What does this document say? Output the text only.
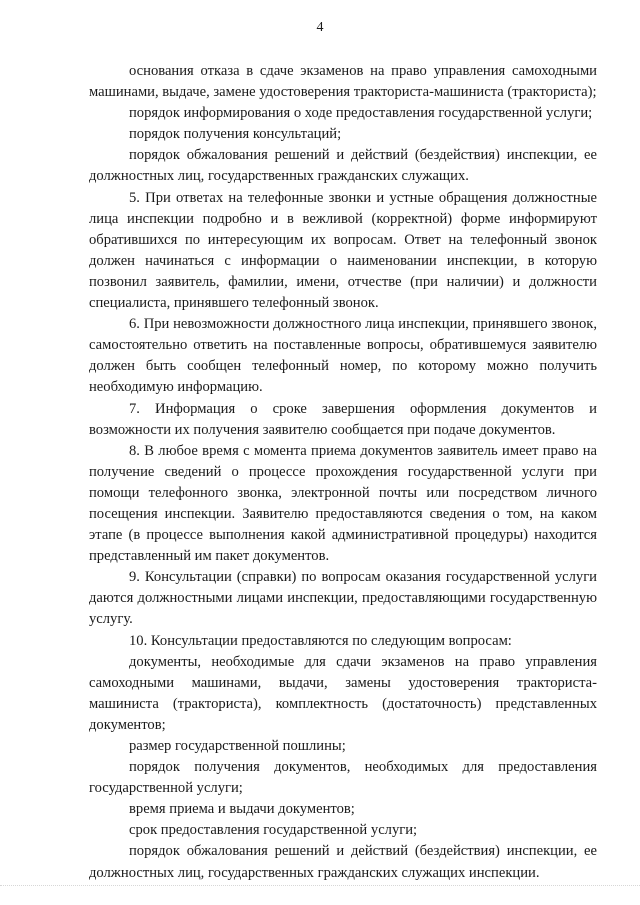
4

основания отказа в сдаче экзаменов на право управления самоходными машинами, выдаче, замене удостоверения тракториста-машиниста (тракториста);

порядок информирования о ходе предоставления государственной услуги;

порядок получения консультаций;

порядок обжалования решений и действий (бездействия) инспекции, ее должностных лиц, государственных гражданских служащих.

5. При ответах на телефонные звонки и устные обращения должностные лица инспекции подробно и в вежливой (корректной) форме информируют обратившихся по интересующим их вопросам. Ответ на телефонный звонок должен начинаться с информации о наименовании инспекции, в которую позвонил заявитель, фамилии, имени, отчестве (при наличии) и должности специалиста, принявшего телефонный звонок.

6. При невозможности должностного лица инспекции, принявшего звонок, самостоятельно ответить на поставленные вопросы, обратившемуся заявителю должен быть сообщен телефонный номер, по которому можно получить необходимую информацию.

7. Информация о сроке завершения оформления документов и возможности их получения заявителю сообщается при подаче документов.

8. В любое время с момента приема документов заявитель имеет право на получение сведений о процессе прохождения государственной услуги при помощи телефонного звонка, электронной почты или посредством личного посещения инспекции. Заявителю предоставляются сведения о том, на каком этапе (в процессе выполнения какой административной процедуры) находится представленный им пакет документов.

9. Консультации (справки) по вопросам оказания государственной услуги даются должностными лицами инспекции, предоставляющими государственную услугу.

10. Консультации предоставляются по следующим вопросам:

документы, необходимые для сдачи экзаменов на право управления самоходными машинами, выдачи, замены удостоверения тракториста-машиниста (тракториста), комплектность (достаточность) представленных документов;

размер государственной пошлины;

порядок получения документов, необходимых для предоставления государственной услуги;

время приема и выдачи документов;

срок предоставления государственной услуги;

порядок обжалования решений и действий (бездействия) инспекции, ее должностных лиц, государственных гражданских служащих инспекции.
